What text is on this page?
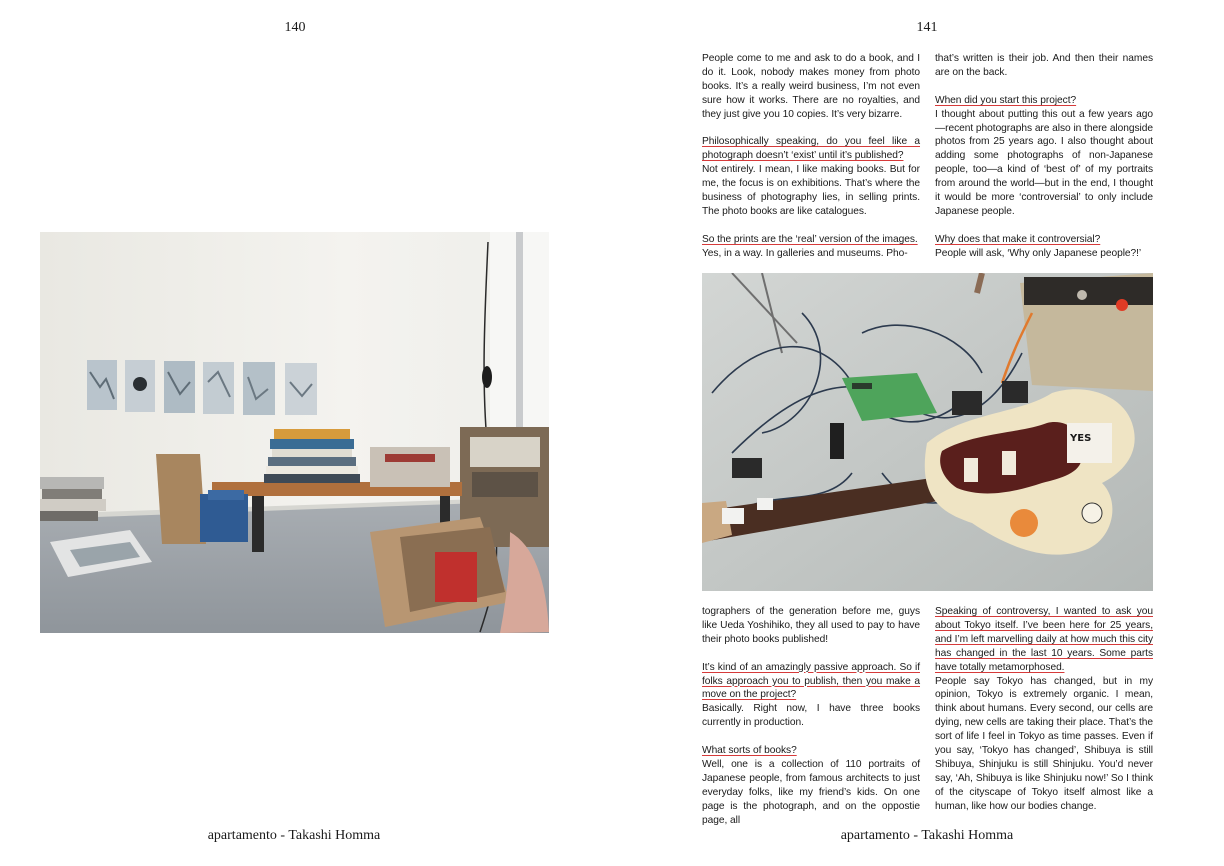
140	141

People come to me and ask to do a book, and I do it. Look, nobody makes money from photo books. It’s a really weird business, I’m not even sure how it works. There are no royalties, and they just give you 10 copies. It’s very bizarre.

Philosophically speaking, do you feel like a photograph doesn’t ‘exist’ until it’s published?
Not entirely. I mean, I like making books. But for me, the focus is on exhibitions. That’s where the business of photography lies, in selling prints. The photo books are like catalogues.

So the prints are the ‘real’ version of the images.
Yes, in a way. In galleries and museums. Pho-

that’s written is their job. And then their names are on the back.

When did you start this project?
I thought about putting this out a few years ago—recent photographs are also in there alongside photos from 25 years ago. I also thought about adding some photographs of non-Japanese people, too—a kind of ‘best of’ of my portraits from around the world—but in the end, I thought it would be more ‘controversial’ to only include Japanese people.

Why does that make it controversial?
People will ask, ‘Why only Japanese people?!’

YES

tographers of the generation before me, guys like Ueda Yoshihiko, they all used to pay to have their photo books published!

It’s kind of an amazingly passive approach. So if folks approach you to publish, then you make a move on the project?
Basically. Right now, I have three books currently in production.

What sorts of books?
Well, one is a collection of 110 portraits of Japanese people, from famous architects to just everyday folks, like my friend’s kids. On one page is the photograph, and on the oppostie page, all

Speaking of controversy, I wanted to ask you about Tokyo itself. I’ve been here for 25 years, and I’m left marvelling daily at how much this city has changed in the last 10 years. Some parts have totally metamorphosed.
People say Tokyo has changed, but in my opinion, Tokyo is extremely organic. I mean, think about humans. Every second, our cells are dying, new cells are taking their place. That’s the sort of life I feel in Tokyo as time passes. Even if you say, ‘Tokyo has changed’, Shibuya is still Shibuya, Shinjuku is still Shinjuku. You’d never say, ‘Ah, Shibuya is like Shinjuku now!’ So I think of the cityscape of Tokyo itself almost like a human, like how our bodies change.

apartamento - Takashi Homma	apartamento - Takashi Homma
